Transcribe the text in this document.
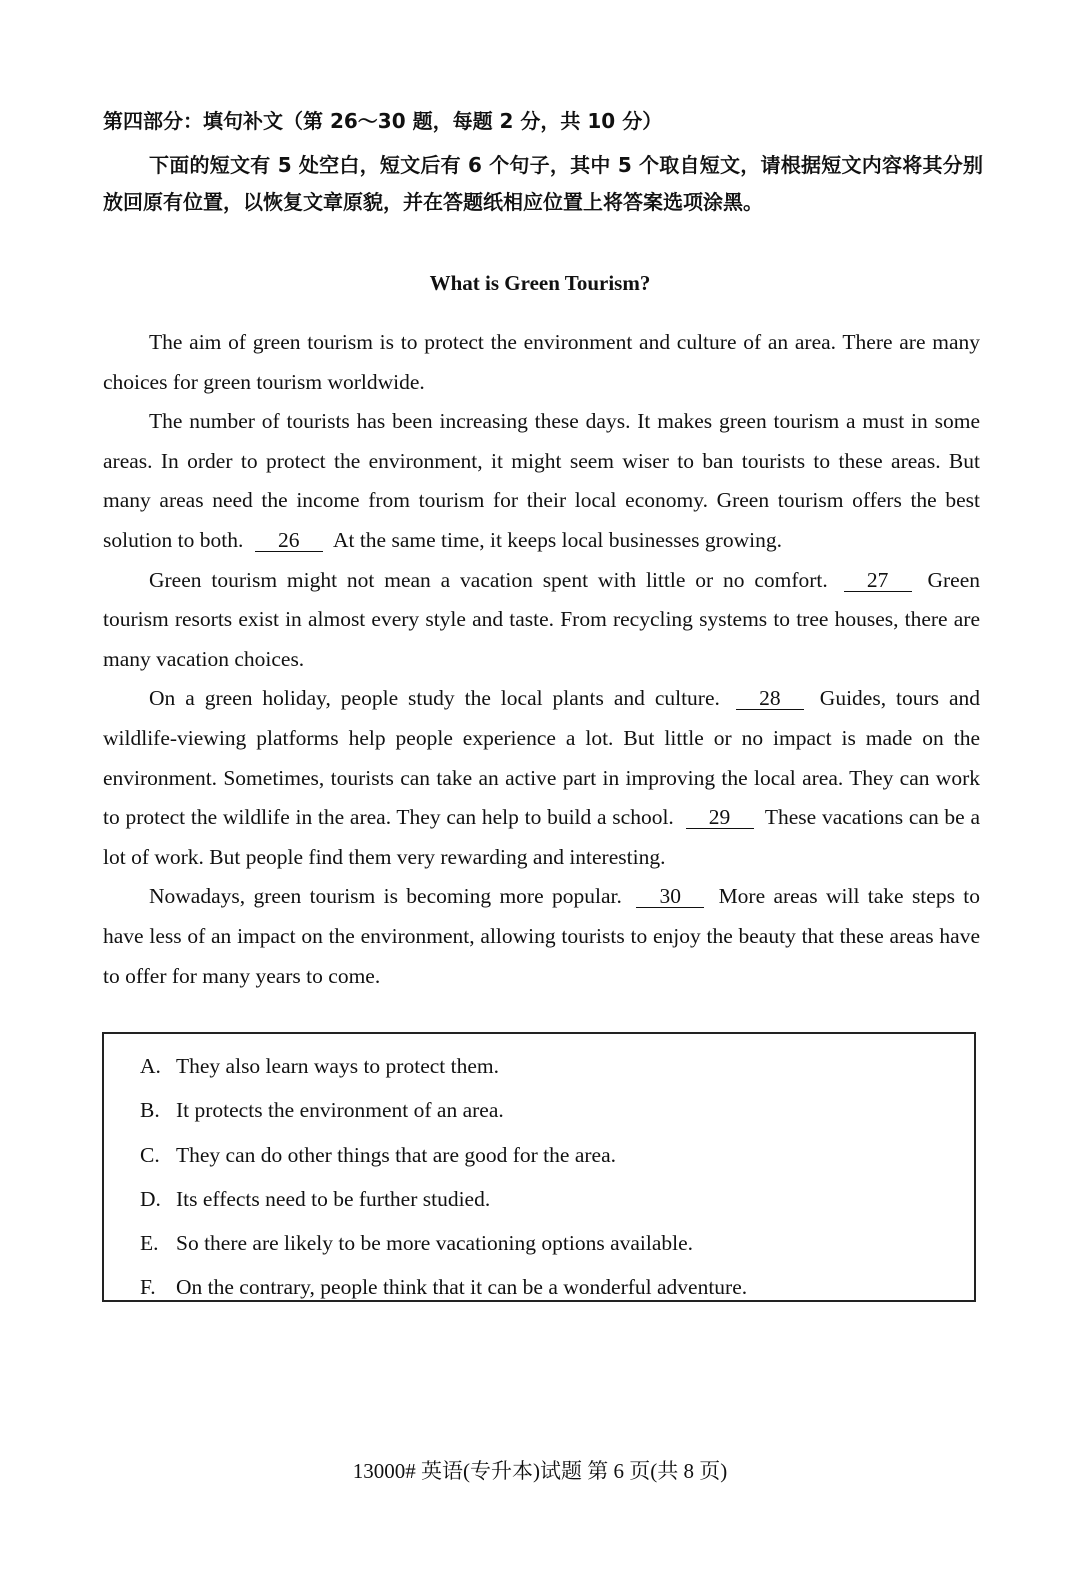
第四部分：填句补文（第 26～30 题，每题 2 分，共 10 分）
下面的短文有 5 处空白，短文后有 6 个句子，其中 5 个取自短文，请根据短文内容将其分别放回原有位置，以恢复文章原貌，并在答题纸相应位置上将答案选项涂黑。
What is Green Tourism?

The aim of green tourism is to protect the environment and culture of an area. There are many choices for green tourism worldwide.

The number of tourists has been increasing these days. It makes green tourism a must in some areas. In order to protect the environment, it might seem wiser to ban tourists to these areas. But many areas need the income from tourism for their local economy. Green tourism offers the best solution to both. 26 At the same time, it keeps local businesses growing.

Green tourism might not mean a vacation spent with little or no comfort. 27 Green tourism resorts exist in almost every style and taste. From recycling systems to tree houses, there are many vacation choices.

On a green holiday, people study the local plants and culture. 28 Guides, tours and wildlife-viewing platforms help people experience a lot. But little or no impact is made on the environment. Sometimes, tourists can take an active part in improving the local area. They can work to protect the wildlife in the area. They can help to build a school. 29 These vacations can be a lot of work. But people find them very rewarding and interesting.

Nowadays, green tourism is becoming more popular. 30 More areas will take steps to have less of an impact on the environment, allowing tourists to enjoy the beauty that these areas have to offer for many years to come.

A. They also learn ways to protect them.
B. It protects the environment of an area.
C. They can do other things that are good for the area.
D. Its effects need to be further studied.
E. So there are likely to be more vacationing options available.
F. On the contrary, people think that it can be a wonderful adventure.
13000# 英语(专升本)试题 第 6 页(共 8 页)
